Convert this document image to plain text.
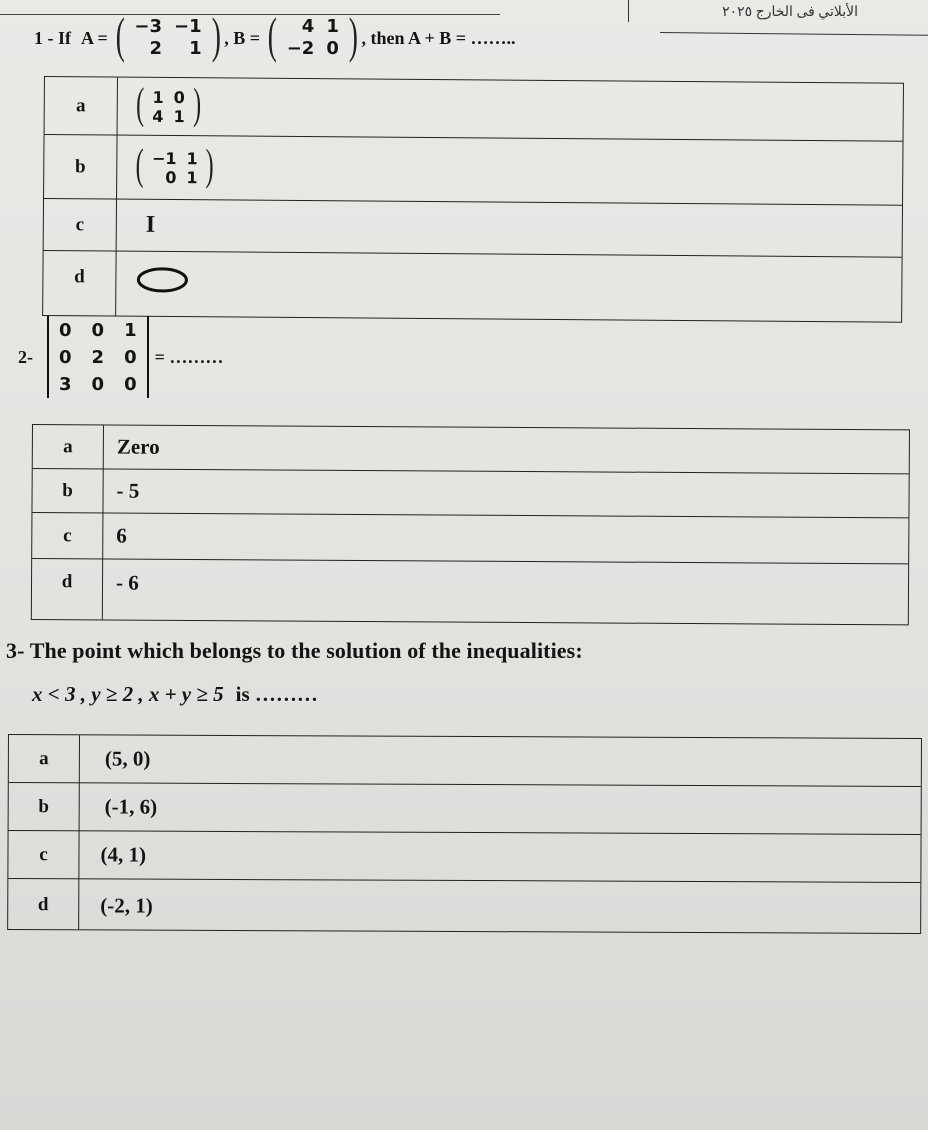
الأبلاتي فى الخارج ٢٠٢٥
1 - If A = ( −3	−1
2	1 ) , B = ( 4	1
−2	0 ) , then A + B = ……..
a	( 1	0
4	1 )
b	( −1	1
0	1 )
c	I
d
2-
0	0	1
0	2	0
3	0	0
= ………
a	Zero
b	- 5
c	6
d	- 6
3- The point which belongs to the solution of the inequalities:
x < 3 , y ≥ 2 , x + y ≥ 5 is ………
a	(5, 0)
b	(-1, 6)
c	(4, 1)
d	(-2, 1)
